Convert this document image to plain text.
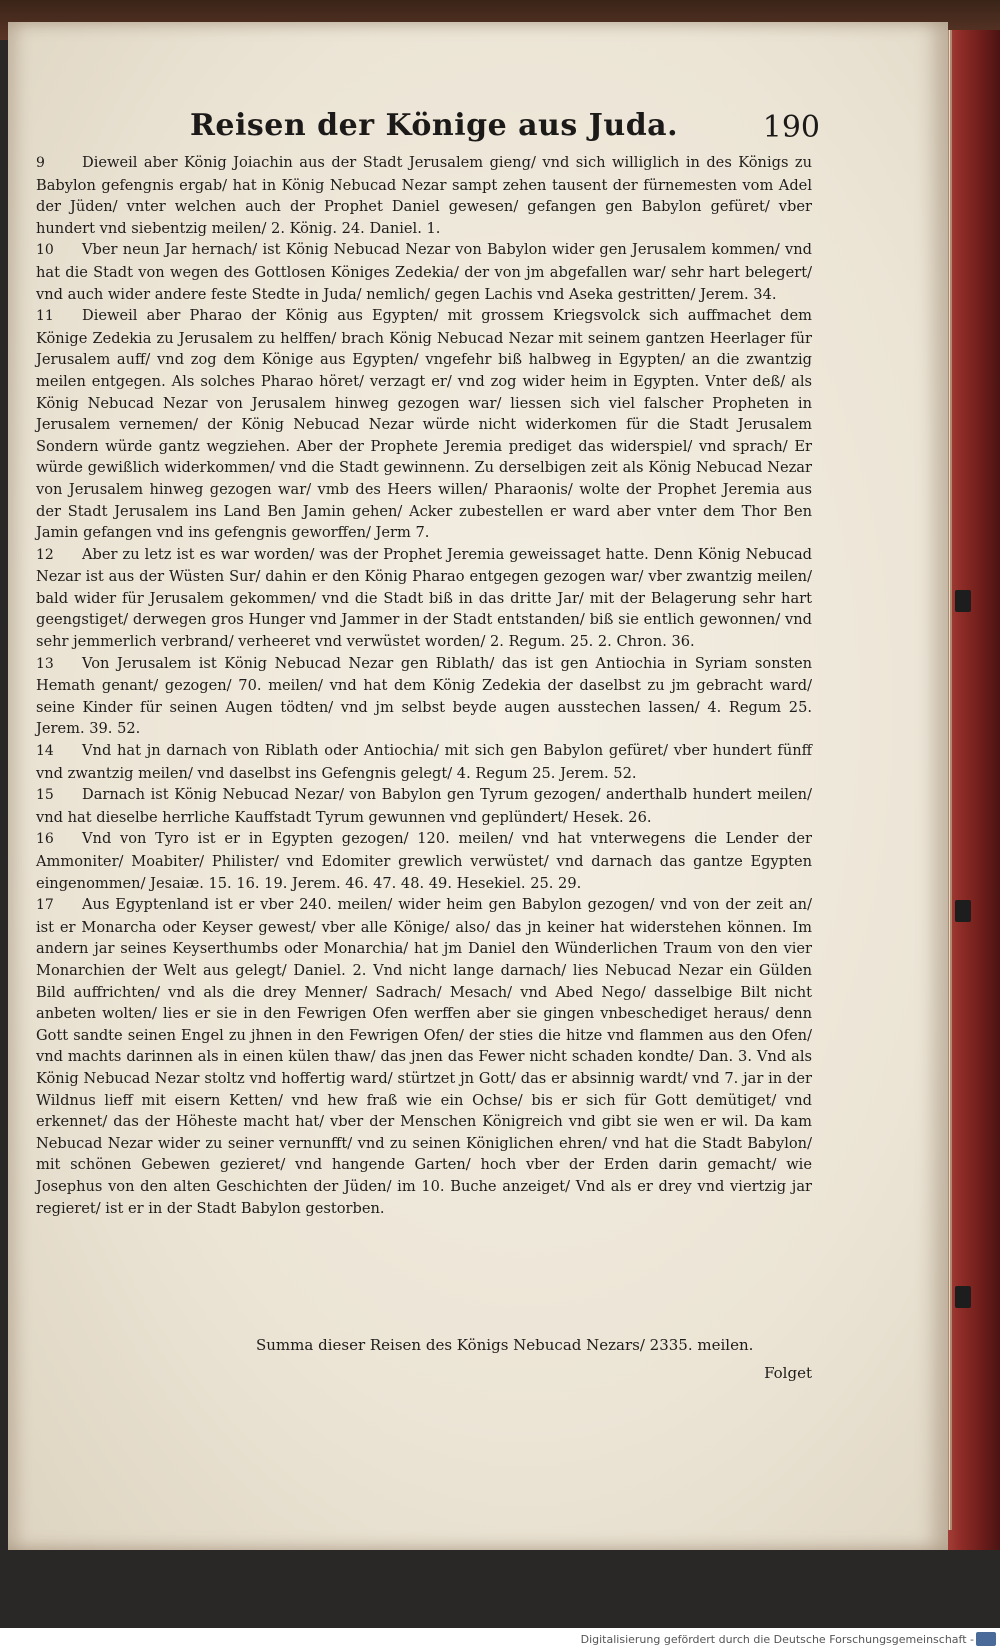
Reisen der Könige aus Juda.	190

9	Dieweil aber König Joiachin aus der Stadt Jerusalem gieng/ vnd sich williglich in des Königs zu Babylon gefengnis ergab/ hat in König Nebucad Nezar sampt zehen tausent der fürnemesten vom Adel der Jüden/ vnter welchen auch der Prophet Daniel gewesen/ gefangen gen Babylon gefüret/ vber hundert vnd siebentzig meilen/ 2. König. 24. Daniel. 1.

10 Vber neun Jar hernach/ ist König Nebucad Nezar von Babylon wider gen Jerusalem kommen/ vnd hat die Stadt von wegen des Gottlosen Königes Zedekia/ der von jm abgefallen war/ sehr hart belegert/ vnd auch wider andere feste Stedte in Juda/ nemlich/ gegen Lachis vnd Aseka gestritten/ Jerem. 34.

11 Dieweil aber Pharao der König aus Egypten/ mit grossem Kriegsvolck sich auffmachet dem Könige Zedekia zu Jerusalem zu helffen/ brach König Nebucad Nezar mit seinem gantzen Heerlager für Jerusalem auff/ vnd zog dem Könige aus Egypten/ vngefehr biß halbweg in Egypten/ an die zwantzig meilen entgegen. Als solches Pharao höret/ verzagt er/ vnd zog wider heim in Egypten. Vnter deß/ als König Nebucad Nezar von Jerusalem hinweg gezogen war/ liessen sich viel falscher Propheten in Jerusalem vernemen/ der König Nebucad Nezar würde nicht widerkomen für die Stadt Jerusalem Sondern würde gantz wegziehen. Aber der Prophete Jeremia prediget das widerspiel/ vnd sprach/ Er würde gewißlich widerkommen/ vnd die Stadt gewinnenn. Zu derselbigen zeit als König Nebucad Nezar von Jerusalem hinweg gezogen war/ vmb des Heers willen/ Pharaonis/ wolte der Prophet Jeremia aus der Stadt Jerusalem ins Land Ben Jamin gehen/ Acker zubestellen er ward aber vnter dem Thor Ben Jamin gefangen vnd ins gefengnis geworffen/ Jerm 7.

12 Aber zu letz ist es war worden/ was der Prophet Jeremia geweissaget hatte. Denn König Nebucad Nezar ist aus der Wüsten Sur/ dahin er den König Pharao entgegen gezogen war/ vber zwantzig meilen/ bald wider für Jerusalem gekommen/ vnd die Stadt biß in das dritte Jar/ mit der Belagerung sehr hart geengstiget/ derwegen gros Hunger vnd Jammer in der Stadt entstanden/ biß sie entlich gewonnen/ vnd sehr jemmerlich verbrand/ verheeret vnd verwüstet worden/ 2. Regum. 25. 2. Chron. 36.

13 Von Jerusalem ist König Nebucad Nezar gen Riblath/ das ist gen Antiochia in Syriam sonsten Hemath genant/ gezogen/ 70. meilen/ vnd hat dem König Zedekia der daselbst zu jm gebracht ward/ seine Kinder für seinen Augen tödten/ vnd jm selbst beyde augen ausstechen lassen/ 4. Regum 25. Jerem. 39. 52.

14 Vnd hat jn darnach von Riblath oder Antiochia/ mit sich gen Babylon gefüret/ vber hundert fünff vnd zwantzig meilen/ vnd daselbst ins Gefengnis gelegt/ 4. Regum 25. Jerem. 52.

15 Darnach ist König Nebucad Nezar/ von Babylon gen Tyrum gezogen/ anderthalb hundert meilen/ vnd hat dieselbe herrliche Kauffstadt Tyrum gewunnen vnd geplündert/ Hesek. 26.

16 Vnd von Tyro ist er in Egypten gezogen/ 120. meilen/ vnd hat vnterwegens die Lender der Ammoniter/ Moabiter/ Philister/ vnd Edomiter grewlich verwüstet/ vnd darnach das gantze Egypten eingenommen/ Jesaiæ. 15. 16. 19. Jerem. 46. 47. 48. 49. Hesekiel. 25. 29.

17 Aus Egyptenland ist er vber 240. meilen/ wider heim gen Babylon gezogen/ vnd von der zeit an/ ist er Monarcha oder Keyser gewest/ vber alle Könige/ also/ das jn keiner hat widerstehen können. Im andern jar seines Keyserthumbs oder Monarchia/ hat jm Daniel den Wünderlichen Traum von den vier Monarchien der Welt aus gelegt/ Daniel. 2. Vnd nicht lange darnach/ lies Nebucad Nezar ein Gülden Bild auffrichten/ vnd als die drey Menner/ Sadrach/ Mesach/ vnd Abed Nego/ dasselbige Bilt nicht anbeten wolten/ lies er sie in den Fewrigen Ofen werffen aber sie gingen vnbeschediget heraus/ denn Gott sandte seinen Engel zu jhnen in den Fewrigen Ofen/ der sties die hitze vnd flammen aus den Ofen/ vnd machts darinnen als in einen külen thaw/ das jnen das Fewer nicht schaden kondte/ Dan. 3. Vnd als König Nebucad Nezar stoltz vnd hoffertig ward/ stürtzet jn Gott/ das er absinnig wardt/ vnd 7. jar in der Wildnus lieff mit eisern Ketten/ vnd hew fraß wie ein Ochse/ bis er sich für Gott demütiget/ vnd erkennet/ das der Höheste macht hat/ vber der Menschen Königreich vnd gibt sie wen er wil. Da kam Nebucad Nezar wider zu seiner vernunfft/ vnd zu seinen Königlichen ehren/ vnd hat die Stadt Babylon/ mit schönen Gebewen gezieret/ vnd hangende Garten/ hoch vber der Erden darin gemacht/ wie Josephus von den alten Geschichten der Jüden/ im 10. Buche anzeiget/ Vnd als er drey vnd viertzig jar regieret/ ist er in der Stadt Babylon gestorben.

Summa dieser Reisen des Königs Nebucad Nezars/ 2335. meilen.
Folget
Digitalisierung gefördert durch die Deutsche Forschungsgemeinschaft -
